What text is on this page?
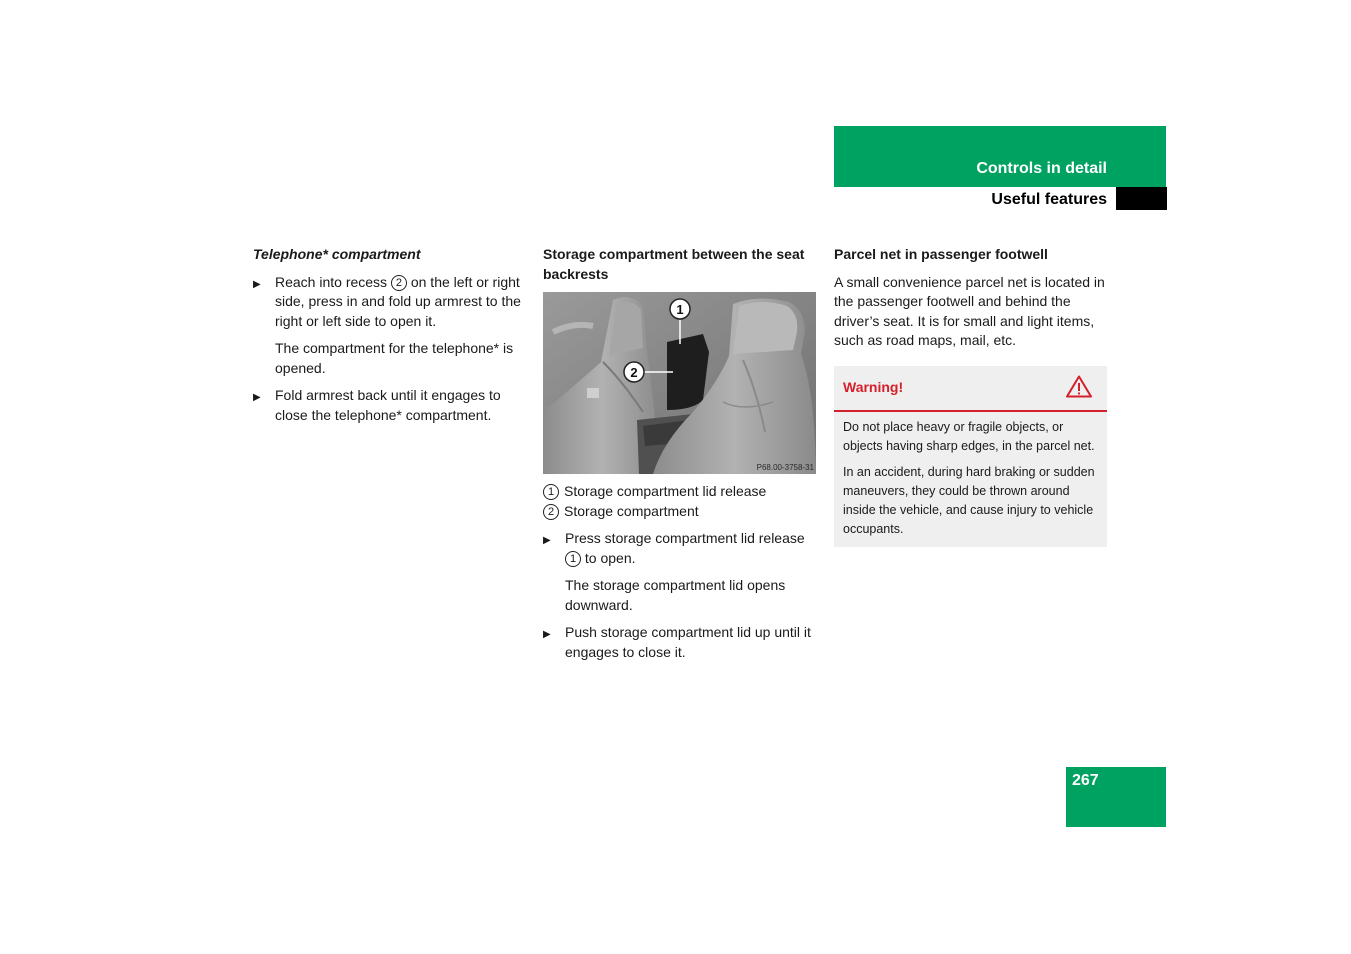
Controls in detail
Useful features

Telephone* compartment

▶ Reach into recess 2 on the left or right side, press in and fold up armrest to the right or left side to open it.

The compartment for the telephone* is opened.

▶ Fold armrest back until it engages to close the telephone* compartment.

Storage compartment between the seat backrests

1
2
P68.00-3758-31

1 Storage compartment lid release

2 Storage compartment

▶ Press storage compartment lid release 1 to open.

The storage compartment lid opens downward.

▶ Push storage compartment lid up until it engages to close it.

Parcel net in passenger footwell

A small convenience parcel net is located in the passenger footwell and behind the driver’s seat. It is for small and light items, such as road maps, mail, etc.

Warning!

Do not place heavy or fragile objects, or objects having sharp edges, in the parcel net.

In an accident, during hard braking or sudden maneuvers, they could be thrown around inside the vehicle, and cause injury to vehicle occupants.

267
